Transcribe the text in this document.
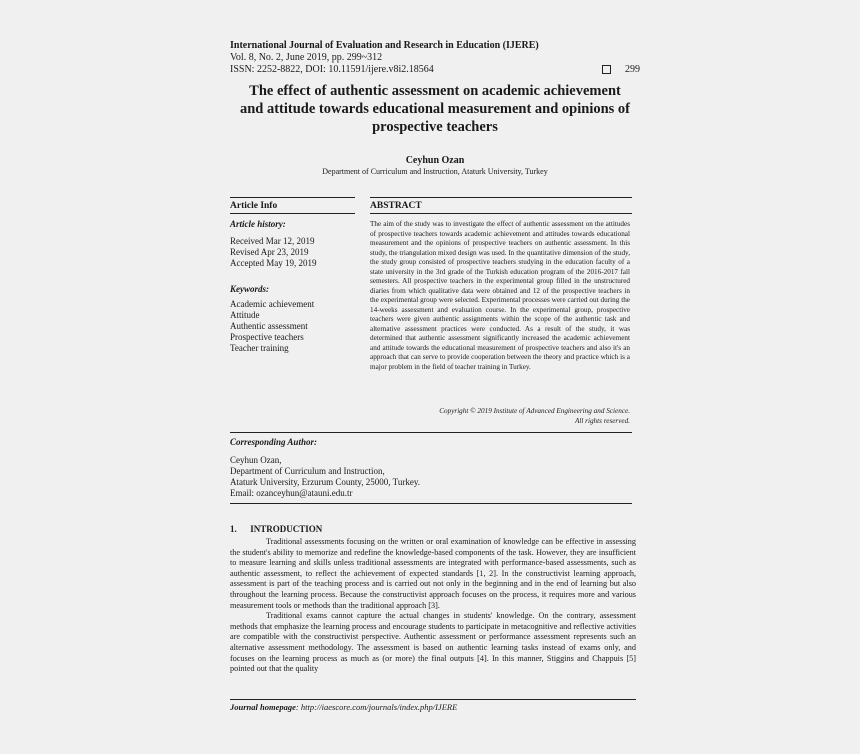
International Journal of Evaluation and Research in Education (IJERE)
Vol. 8, No. 2, June 2019, pp. 299~312
ISSN: 2252-8822, DOI: 10.11591/ijere.v8i2.18564	299
The effect of authentic assessment on academic achievement
and attitude towards educational measurement and opinions of
prospective teachers
Ceyhun Ozan
Department of Curriculum and Instruction, Ataturk University, Turkey
Article Info
Article history:
Received Mar 12, 2019
Revised Apr 23, 2019
Accepted May 19, 2019
Keywords:
Academic achievement
Attitude
Authentic assessment
Prospective teachers
Teacher training
ABSTRACT
The aim of the study was to investigate the effect of authentic assessment on the attitudes of prospective teachers towards academic achievement and attitudes towards educational measurement and the opinions of prospective teachers on authentic assessment. In this study, the triangulation mixed design was used. In the quantitative dimension of the study, the study group consisted of prospective teachers studying in the education faculty of a state university in the 3rd grade of the Turkish education program of the 2016-2017 fall semesters. All prospective teachers in the experimental group filled in the unstructured diaries from which qualitative data were obtained and 12 of the prospective teachers in the experimental group were selected. Experimental processes were carried out during the 14-weeks assessment and evaluation course. In the experimental group, prospective teachers were given authentic assignments within the scope of the authentic task and alternative assessment practices were conducted. As a result of the study, it was determined that authentic assessment significantly increased the academic achievement and attitude towards the educational measurement of prospective teachers and also it's an approach that can serve to provide cooperation between the theory and practice which is a major problem in the field of teacher training in Turkey.
Copyright © 2019 Institute of Advanced Engineering and Science.
All rights reserved.
Corresponding Author:
Ceyhun Ozan,
Department of Curriculum and Instruction,
Ataturk University, Erzurum County, 25000, Turkey.
Email: ozanceyhun@atauni.edu.tr
1.      INTRODUCTION

Traditional assessments focusing on the written or oral examination of knowledge can be effective in assessing the student's ability to memorize and redefine the knowledge-based components of the task. However, they are insufficient to measure learning and skills unless traditional assessments are integrated with performance-based assessments, such as authentic assessment, to reflect the achievement of expected standards [1, 2]. In the constructivist learning approach, assessment is part of the teaching process and is carried out not only in the beginning and in the end of learning but also throughout the learning process. Because the constructivist approach focuses on the process, it requires more and various measurement tools or methods than the traditional approach [3].

Traditional exams cannot capture the actual changes in students' knowledge. On the contrary, assessment methods that emphasize the learning process and encourage students to participate in metacognitive and reflective activities are compatible with the constructivist perspective. Authentic assessment or performance assessment represents such an alternative assessment methodology. The assessment is based on authentic learning tasks instead of exams only, and focuses on the learning process as much as (or more) the final outputs [4]. In this manner, Stiggins and Chappuis [5] pointed out that the quality

Journal homepage: http://iaescore.com/journals/index.php/IJERE
